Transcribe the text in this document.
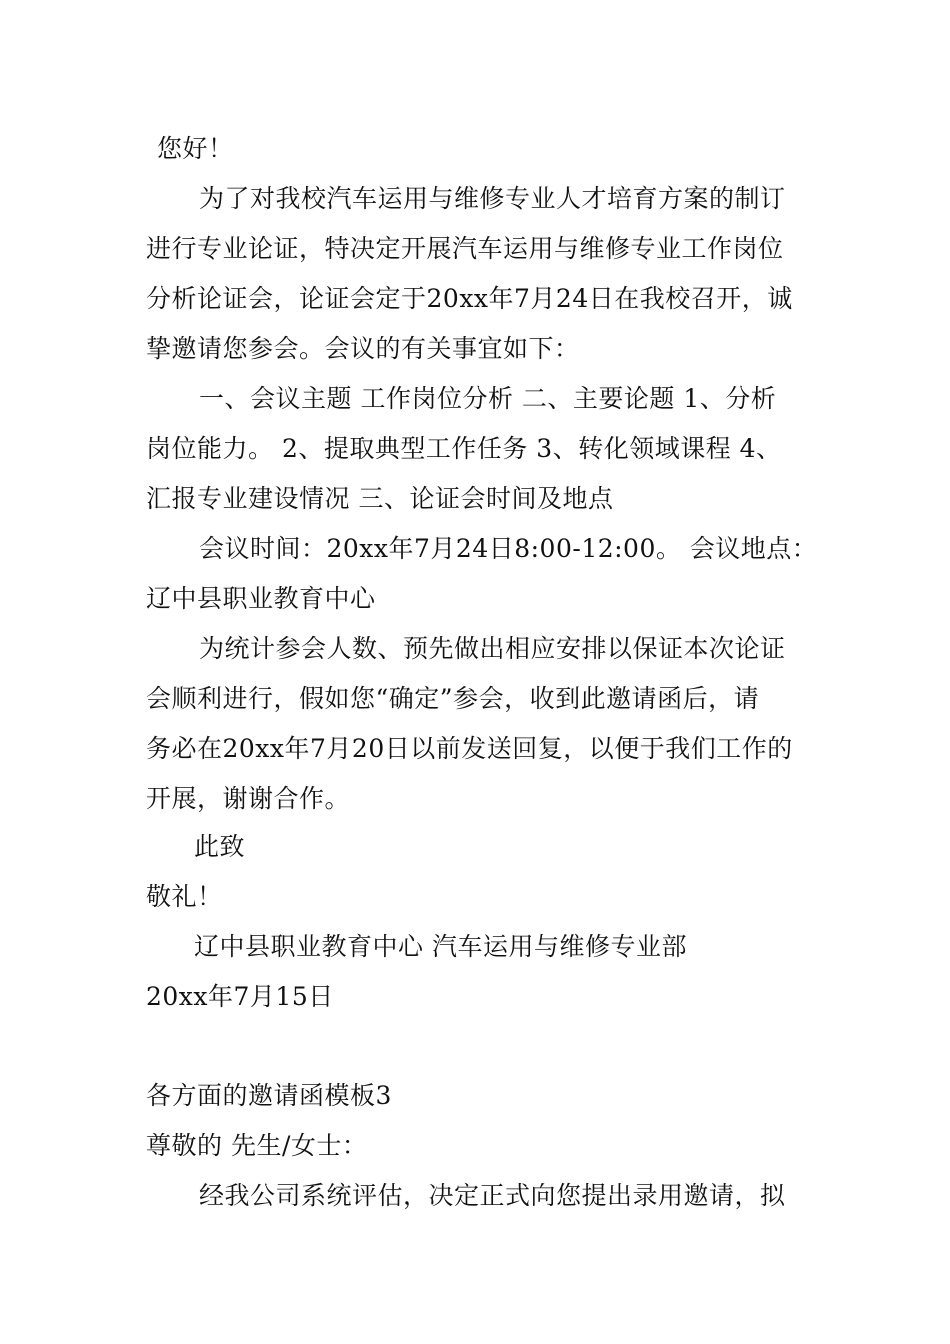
您好！
为了对我校汽车运用与维修专业人才培育方案的制订
进行专业论证，特决定开展汽车运用与维修专业工作岗位
分析论证会，论证会定于20xx年7月24日在我校召开，诚
挚邀请您参会。会议的有关事宜如下：
一、会议主题 工作岗位分析 二、主要论题 1、分析
岗位能力。 2、提取典型工作任务 3、转化领域课程 4、
汇报专业建设情况 三、论证会时间及地点
会议时间：20xx年7月24日8:00-12:00。 会议地点：
辽中县职业教育中心
为统计参会人数、预先做出相应安排以保证本次论证
会顺利进行，假如您“确定”参会，收到此邀请函后，请
务必在20xx年7月20日以前发送回复，以便于我们工作的
开展，谢谢合作。
此致
敬礼！
辽中县职业教育中心 汽车运用与维修专业部
20xx年7月15日
各方面的邀请函模板3
尊敬的 先生/女士：
经我公司系统评估，决定正式向您提出录用邀请，拟
